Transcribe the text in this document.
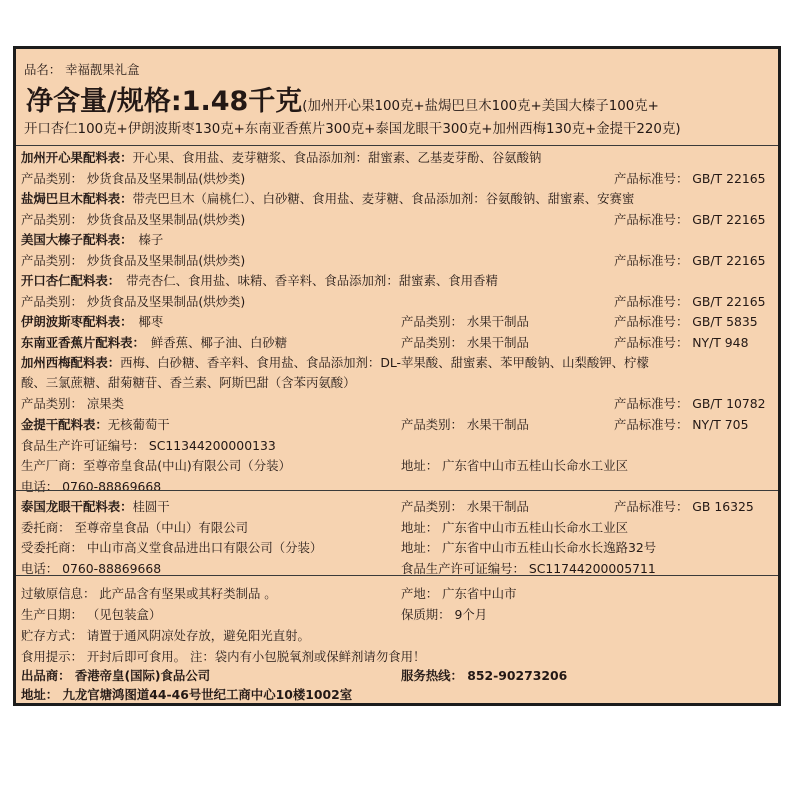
品名： 幸福靓果礼盒
净含量/规格:1.48千克(加州开心果100克+盐焗巴旦木100克+美国大榛子100克+
开口杏仁100克+伊朗波斯枣130克+东南亚香蕉片300克+泰国龙眼干300克+加州西梅130克+金提干220克)
加州开心果配料表：开心果、食用盐、麦芽糖浆、食品添加剂：甜蜜素、乙基麦芽酚、谷氨酸钠
产品类别： 炒货食品及坚果制品(烘炒类)	产品标准号： GB/T 22165
盐焗巴旦木配料表：带壳巴旦木（扁桃仁）、白砂糖、食用盐、麦芽糖、食品添加剂：谷氨酸钠、甜蜜素、安赛蜜
产品类别： 炒货食品及坚果制品(烘炒类)	产品标准号： GB/T 22165
美国大榛子配料表： 榛子
产品类别： 炒货食品及坚果制品(烘炒类)	产品标准号： GB/T 22165
开口杏仁配料表： 带壳杏仁、食用盐、味精、香辛料、食品添加剂：甜蜜素、食用香精
产品类别： 炒货食品及坚果制品(烘炒类)	产品标准号： GB/T 22165
伊朗波斯枣配料表： 椰枣	产品类别： 水果干制品	产品标准号： GB/T 5835
东南亚香蕉片配料表： 鲜香蕉、椰子油、白砂糖	产品类别： 水果干制品	产品标准号： NY/T 948
加州西梅配料表：西梅、白砂糖、香辛料、食用盐、食品添加剂：DL-苹果酸、甜蜜素、苯甲酸钠、山梨酸钾、柠檬
酸、三氯蔗糖、甜菊糖苷、香兰素、阿斯巴甜（含苯丙氨酸）
产品类别： 凉果类	产品标准号： GB/T 10782
金提干配料表：无核葡萄干	产品类别： 水果干制品	产品标准号： NY/T 705
食品生产许可证编号： SC11344200000133
生产厂商：至尊帝皇食品(中山)有限公司（分装）	地址： 广东省中山市五桂山长命水工业区
电话： 0760-88869668
泰国龙眼干配料表：桂圆干	产品类别： 水果干制品	产品标准号： GB 16325
委托商： 至尊帝皇食品（中山）有限公司	地址： 广东省中山市五桂山长命水工业区
受委托商： 中山市高义堂食品进出口有限公司（分装）	地址： 广东省中山市五桂山长命水长逸路32号
电话： 0760-88869668	食品生产许可证编号： SC11744200005711
过敏原信息： 此产品含有坚果或其籽类制品 。	产地： 广东省中山市
生产日期： （见包装盒）	保质期： 9个月
贮存方式： 请置于通风阴凉处存放，避免阳光直射。
食用提示： 开封后即可食用。 注：袋内有小包脱氧剂或保鲜剂请勿食用！
出品商： 香港帝皇(国际)食品公司	服务热线： 852-90273206
地址： 九龙官塘鸿图道44-46号世纪工商中心10楼1002室
